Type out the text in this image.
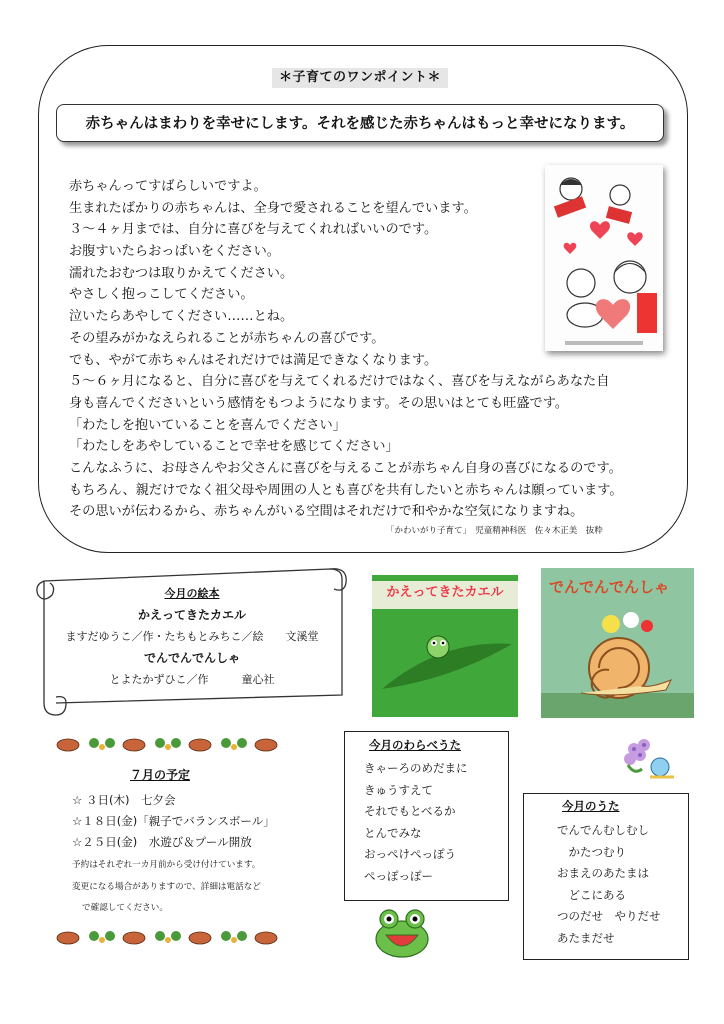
＊子育てのワンポイント＊
赤ちゃんはまわりを幸せにします。それを感じた赤ちゃんはもっと幸せになります。
赤ちゃんってすばらしいですよ。
生まれたばかりの赤ちゃんは、全身で愛されることを望んでいます。
３～４ヶ月までは、自分に喜びを与えてくれればいいのです。
お腹すいたらおっぱいをください。
濡れたおむつは取りかえてください。
やさしく抱っこしてください。
泣いたらあやしてください……とね。
その望みがかなえられることが赤ちゃんの喜びです。
でも、やがて赤ちゃんはそれだけでは満足できなくなります。
５～６ヶ月になると、自分に喜びを与えてくれるだけではなく、喜びを与えながらあなた自
身も喜んでくださいという感情をもつようになります。その思いはとても旺盛です。
「わたしを抱いていることを喜んでください」
「わたしをあやしていることで幸せを感じてください」
こんなふうに、お母さんやお父さんに喜びを与えることが赤ちゃん自身の喜びになるのです。
もちろん、親だけでなく祖父母や周囲の人とも喜びを共有したいと赤ちゃんは願っています。
その思いが伝わるから、赤ちゃんがいる空間はそれだけで和やかな空気になりますね。
「かわいがり子育て」　児童精神科医　佐々木正美　抜粋
今月の絵本
かえってきたカエル
ますだゆうこ／作・たちもとみちこ／絵　　文溪堂
でんでんでんしゃ
とよたかずひこ／作　　　童心社
かえってきたカエル	でんでんでんしゃ
７月の予定
☆ ３日(木)　七夕会
☆１８日(金)「親子でバランスボール」
☆２５日(金)　水遊び＆プール開放
予約はそれぞれ一カ月前から受け付けています。
変更になる場合がありますので、詳細は電話など
で確認してください。
今月のわらべうた
きゃーろのめだまに
きゅうすえて
それでもとべるか
とんでみな
おっぺけぺっぽう
ぺっぽっぽー
今月のうた
でんでんむしむし
　かたつむり
おまえのあたまは
　どこにある
つのだせ　やりだせ
あたまだせ
